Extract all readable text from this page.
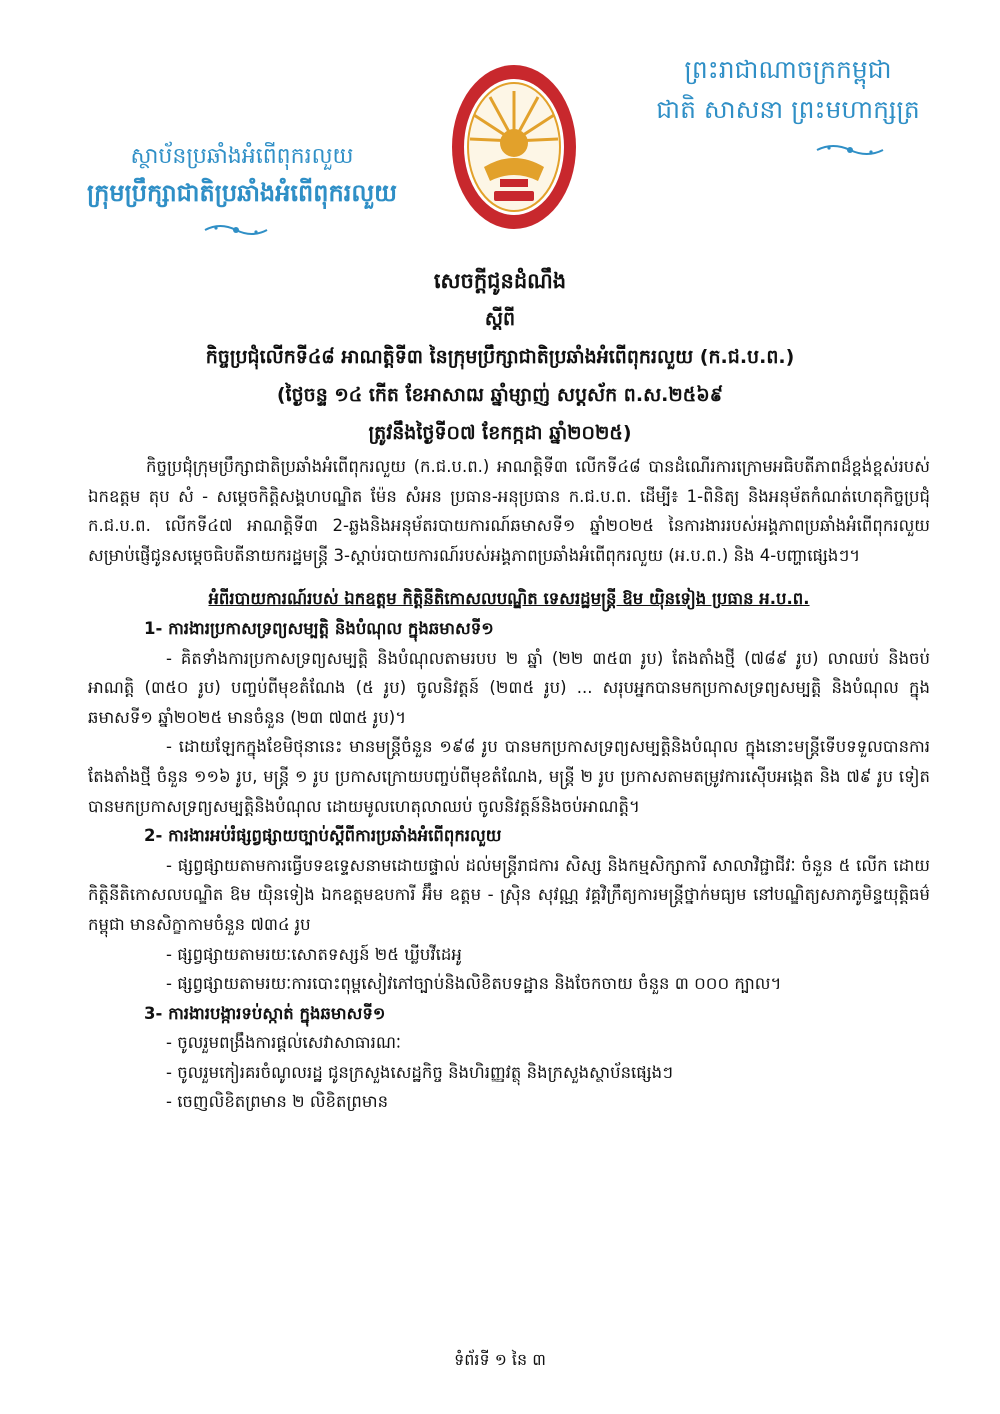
ព្រះរាជាណាចក្រកម្ពុជា
ជាតិ សាសនា ព្រះមហាក្សត្រ
ស្ថាប័នប្រឆាំងអំពើពុករលួយ
ក្រុមប្រឹក្សាជាតិប្រឆាំងអំពើពុករលួយ
សេចក្តីជូនដំណឹង
ស្តីពី
កិច្ចប្រជុំលើកទី៤៨ អាណត្តិទី៣ នៃក្រុមប្រឹក្សាជាតិប្រឆាំងអំពើពុករលួយ (ក.ជ.ប.ព.)
(ថ្ងៃចន្ទ ១៤ កើត ខែអាសាឍ ឆ្នាំម្សាញ់ សប្តស័ក ព.ស.២៥៦៩
ត្រូវនឹងថ្ងៃទី០៧ ខែកក្កដា ឆ្នាំ២០២៥)

កិច្ចប្រជុំក្រុមប្រឹក្សាជាតិប្រឆាំងអំពើពុករលួយ (ក.ជ.ប.ព.) អាណត្តិទី៣ លើកទី៤៨ បានដំណើរការក្រោមអធិបតីភាពដ៏ខ្ពង់ខ្ពស់របស់ ឯកឧត្តម តុប សំ - សម្តេចកិត្តិសង្គហបណ្ឌិត ម៉ែន សំអន ប្រធាន-អនុប្រធាន ក.ជ.ប.ព. ដើម្បី៖ 1-ពិនិត្យ និងអនុម័តកំណត់ហេតុកិច្ចប្រជុំ ក.ជ.ប.ព. លើកទី៤៧ អាណត្តិទី៣ 2-ឆ្លងនិងអនុម័តរបាយការណ៍ឆមាសទី១ ឆ្នាំ២០២៥ នៃការងាររបស់អង្គភាពប្រឆាំងអំពើពុករលួយ សម្រាប់ផ្ញើជូនសម្តេចធិបតីនាយករដ្ឋមន្ត្រី 3-ស្តាប់របាយការណ៍របស់អង្គភាពប្រឆាំងអំពើពុករលួយ (អ.ប.ព.) និង 4-បញ្ហាផ្សេងៗ។

អំពីរបាយការណ៍របស់ ឯកឧត្តម កិត្តិនីតិកោសលបណ្ឌិត ទេសរដ្ឋមន្ត្រី ឱម យ៉ិនទៀង ប្រធាន អ.ប.ព.

1- ការងារប្រកាសទ្រព្យសម្បត្តិ និងបំណុល ក្នុងឆមាសទី១

- គិតទាំងការប្រកាសទ្រព្យសម្បត្តិ និងបំណុលតាមរបប ២ ឆ្នាំ (២២ ៣៥៣ រូប) តែងតាំងថ្មី (៧៨៩ រូប) លាឈប់ និងចប់អាណត្តិ (៣៥០ រូប) បញ្ចប់ពីមុខតំណែង (៥ រូប) ចូលនិវត្តន៍ (២៣៥ រូប) ... សរុបអ្នកបានមកប្រកាសទ្រព្យសម្បត្តិ និងបំណុល ក្នុងឆមាសទី១ ឆ្នាំ២០២៥ មានចំនួន (២៣ ៧៣៥ រូប)។

- ដោយឡែកក្នុងខែមិថុនានេះ មានមន្ត្រីចំនួន ១៩៨ រូប បានមកប្រកាសទ្រព្យសម្បត្តិនិងបំណុល ក្នុងនោះមន្ត្រីទើបទទួលបានការតែងតាំងថ្មី ចំនួន ១១៦ រូប, មន្ត្រី ១ រូប ប្រកាសក្រោយបញ្ចប់ពីមុខតំណែង, មន្ត្រី ២ រូប ប្រកាសតាមតម្រូវការស៊ើបអង្កេត និង ៧៩ រូប ទៀត បានមកប្រកាសទ្រព្យសម្បត្តិនិងបំណុល ដោយមូលហេតុលាឈប់ ចូលនិវត្តន៍និងចប់អាណត្តិ។

2- ការងារអប់រំផ្សព្វផ្សាយច្បាប់ស្តីពីការប្រឆាំងអំពើពុករលួយ

- ផ្សព្វផ្សាយតាមការធ្វើបទឧទ្ទេសនាមដោយផ្ទាល់ ដល់មន្ត្រីរាជការ សិស្ស និងកម្មសិក្សាការី សាលាវិជ្ជាជីវៈ ចំនួន ៥ លើក ដោយ កិត្តិនីតិកោសលបណ្ឌិត ឱម យ៉ិនទៀង ឯកឧត្តមឧបការី អ៊ឹម ឧត្តម - ស្រ៊ិន សុវណ្ណ វគ្គវិក្រឹត្យការមន្ត្រីថ្នាក់មធ្យម នៅបណ្ឌិត្យសភាភូមិន្ទយុត្តិធម៌កម្ពុជា មានសិក្ខាកាមចំនួន ៧៣៤ រូប

- ផ្សព្វផ្សាយតាមរយៈសោតទស្សន៍ ២៥ ឃ្លីបវីដេអូ

- ផ្សព្វផ្សាយតាមរយៈការបោះពុម្ពសៀវភៅច្បាប់និងលិខិតបទដ្ឋាន និងចែកចាយ ចំនួន ៣ ០០០ ក្បាល។

3- ការងារបង្ការទប់ស្កាត់ ក្នុងឆមាសទី១

- ចូលរួមពង្រឹងការផ្តល់សេវាសាធារណៈ

- ចូលរួមកៀរគរចំណូលរដ្ឋ ជូនក្រសួងសេដ្ឋកិច្ច និងហិរញ្ញវត្ថុ និងក្រសួងស្ថាប័នផ្សេងៗ

- ចេញលិខិតព្រមាន ២ លិខិតព្រមាន

ទំព័រទី ១ នៃ ៣
